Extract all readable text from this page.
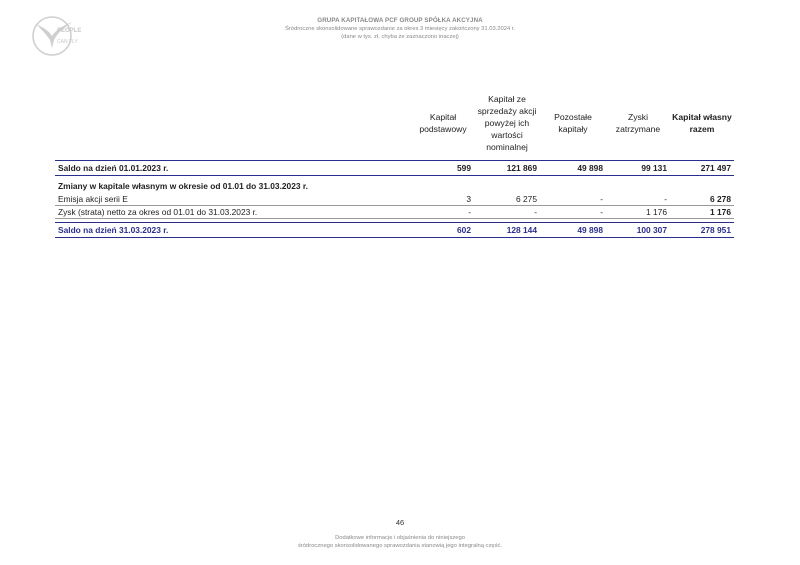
PEOPLE
CAN FLY
GRUPA KAPITAŁOWA PCF GROUP SPÓŁKA AKCYJNA
Śródroczne skonsolidowane sprawozdanie za okres 3 miesięcy zakończony 31.03.2024 r.
(dane w tys. zł, chyba że zaznaczono inaczej)
	Kapitał podstawowy	Kapitał ze sprzedaży akcji powyżej ich wartości nominalnej	Pozostałe kapitały	Zyski zatrzymane	Kapitał własny razem
Saldo na dzień 01.01.2023 r.	599	121 869	49 898	99 131	271 497

Zmiany w kapitale własnym w okresie od 01.01 do 31.03.2023 r.					
Emisja akcji serii E	3	6 275	-	-	6 278
Zysk (strata) netto za okres od 01.01 do 31.03.2023 r.	-	-	-	1 176	1 176

Saldo na dzień 31.03.2023 r.	602	128 144	49 898	100 307	278 951
46
Dodatkowe informacje i objaśnienia do niniejszego
śródrocznego skonsolidowanego sprawozdania stanowią jego integralną część.
